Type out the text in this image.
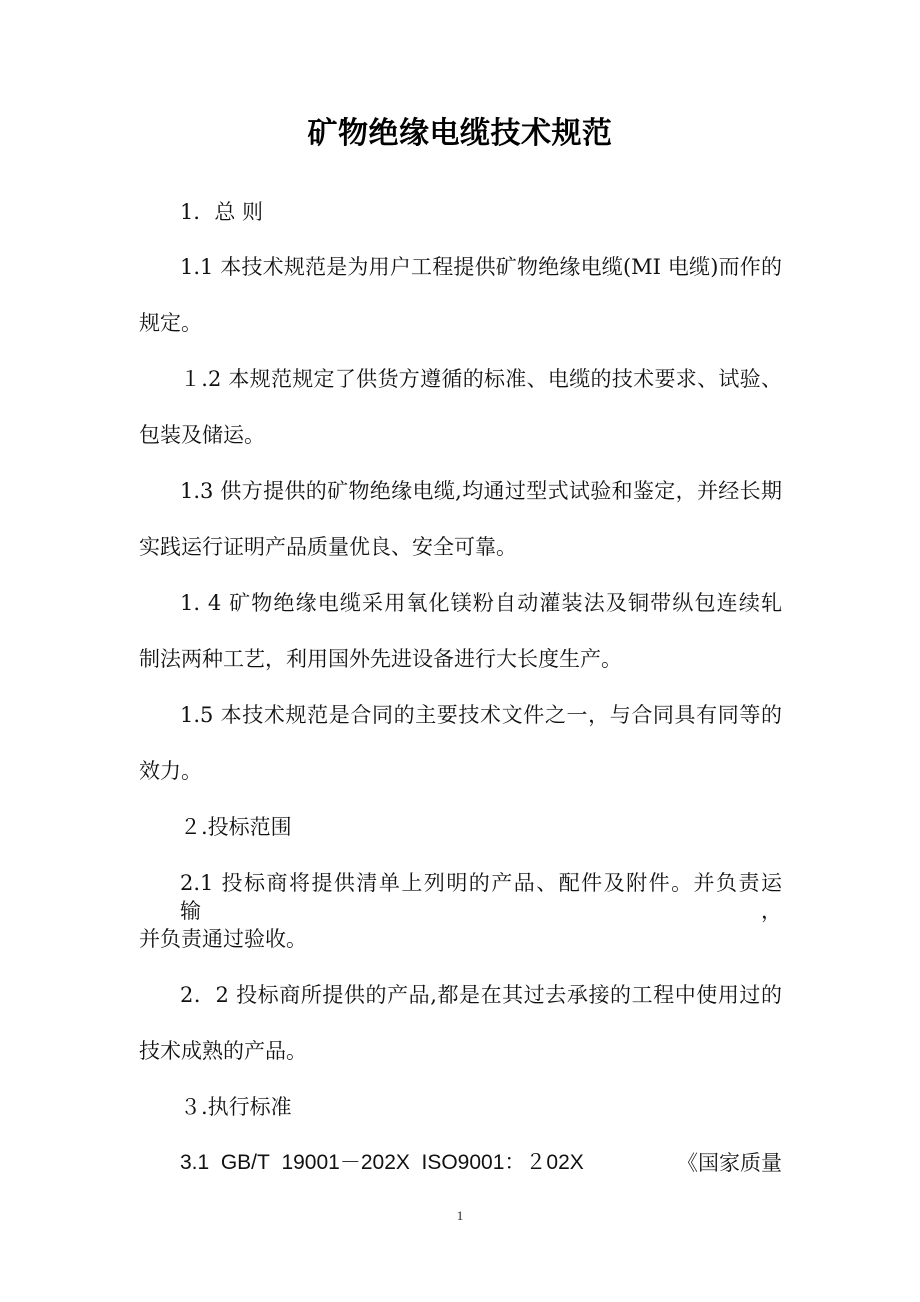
矿物绝缘电缆技术规范
1．总 则
1.1 本技术规范是为用户工程提供矿物绝缘电缆(MI 电缆)而作的
规定。
１.2 本规范规定了供货方遵循的标准、电缆的技术要求、试验、
包装及储运。
1.3 供方提供的矿物绝缘电缆,均通过型式试验和鉴定，并经长期
实践运行证明产品质量优良、安全可靠。
1. 4 矿物绝缘电缆采用氧化镁粉自动灌装法及铜带纵包连续轧
制法两种工艺，利用国外先进设备进行大长度生产。
1.5 本技术规范是合同的主要技术文件之一，与合同具有同等的
效力。
２.投标范围
2.1 投标商将提供清单上列明的产品、配件及附件。并负责运输，
并负责通过验收。
2．2 投标商所提供的产品,都是在其过去承接的工程中使用过的
技术成熟的产品。
３.执行标准
3.1 GB/T 19001－202X ISO9001：２02X	《国家质量
1
